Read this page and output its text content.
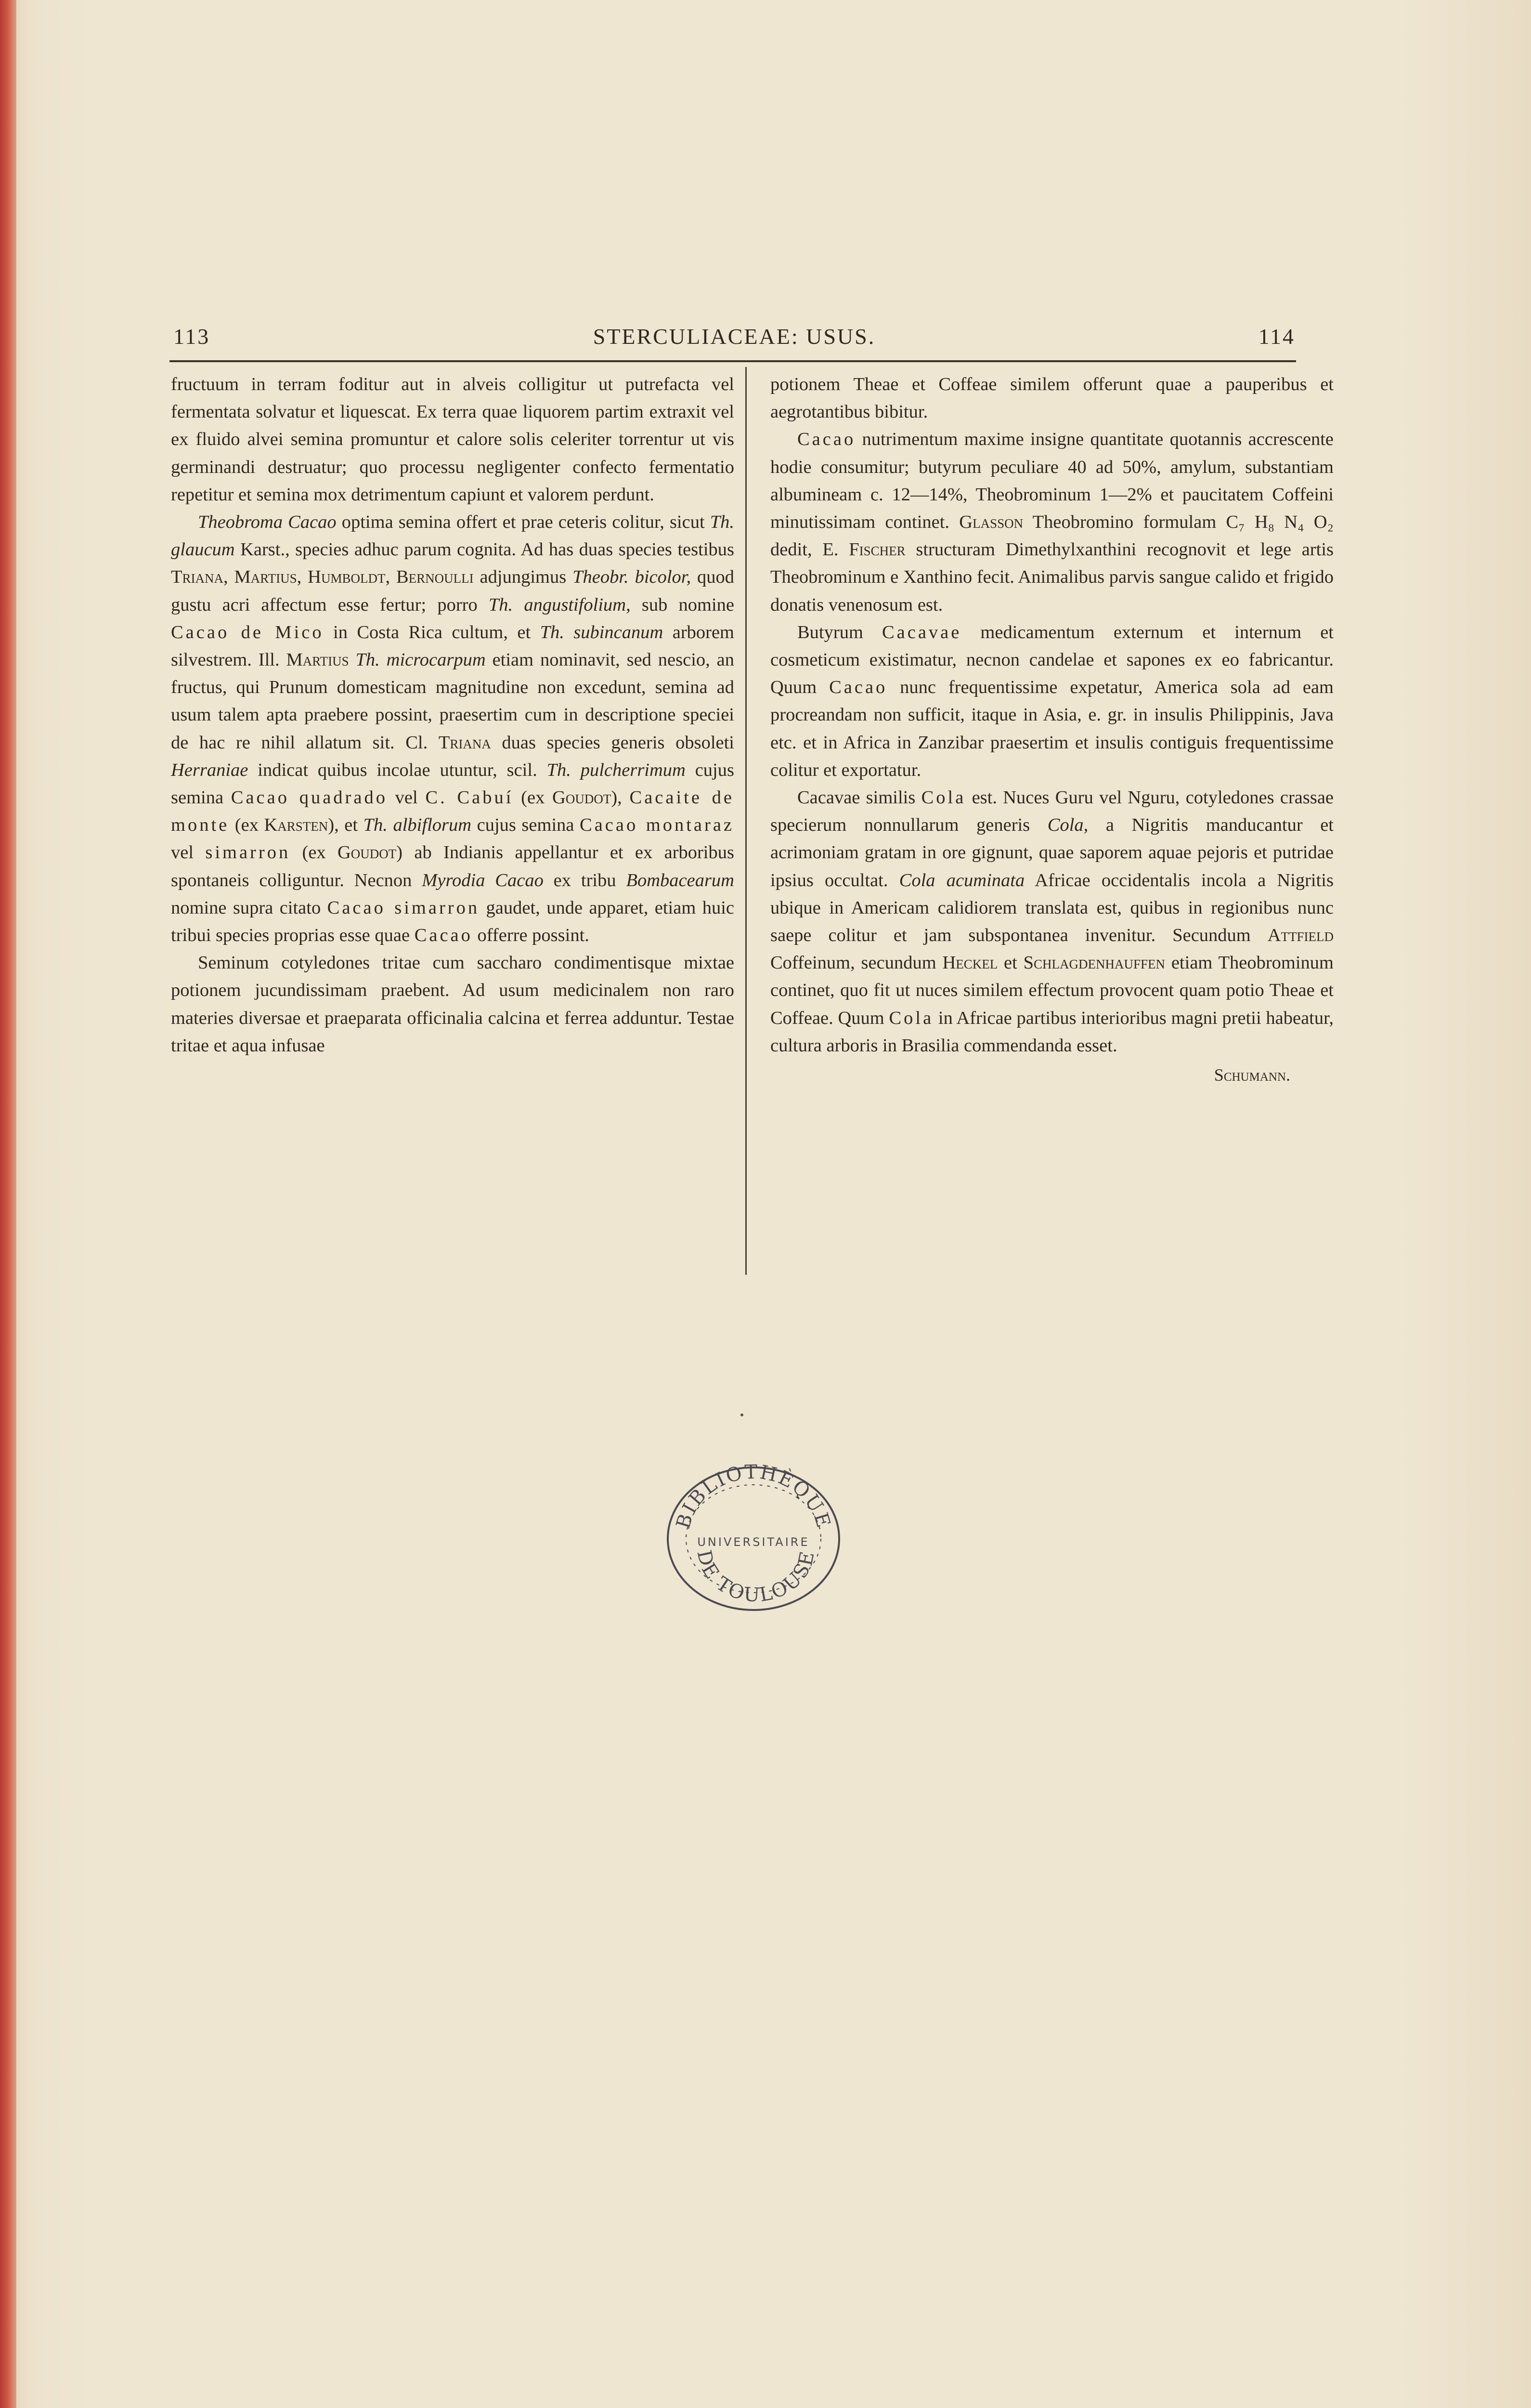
113	STERCULIACEAE: USUS.	114

fructuum in terram foditur aut in alveis colligitur ut putrefacta vel fermentata solvatur et liquescat. Ex terra quae liquorem partim extraxit vel ex fluido alvei semina promuntur et calore solis celeriter torrentur ut vis germinandi destruatur; quo processu negligenter confecto fermentatio repetitur et semina mox detrimentum capiunt et valorem perdunt.

Theobroma Cacao optima semina offert et prae ceteris colitur, sicut Th. glaucum Karst., species adhuc parum cognita. Ad has duas species testibus Triana, Martius, Humboldt, Bernoulli adjungimus Theobr. bicolor, quod gustu acri affectum esse fertur; porro Th. angustifolium, sub nomine Cacao de Mico in Costa Rica cultum, et Th. subincanum arborem silvestrem. Ill. Martius Th. microcarpum etiam nominavit, sed nescio, an fructus, qui Prunum domesticam magnitudine non excedunt, semina ad usum talem apta praebere possint, praesertim cum in descriptione speciei de hac re nihil allatum sit. Cl. Triana duas species generis obsoleti Herraniae indicat quibus incolae utuntur, scil. Th. pulcherrimum cujus semina Cacao quadrado vel C. Cabuí (ex Goudot), Cacaite de monte (ex Karsten), et Th. albiflorum cujus semina Cacao montaraz vel simarron (ex Goudot) ab Indianis appellantur et ex arboribus spontaneis colliguntur. Necnon Myrodia Cacao ex tribu Bombacearum nomine supra citato Cacao simarron gaudet, unde apparet, etiam huic tribui species proprias esse quae Cacao offerre possint.

Seminum cotyledones tritae cum saccharo condimentisque mixtae potionem jucundissimam praebent. Ad usum medicinalem non raro materies diversae et praeparata officinalia calcina et ferrea adduntur. Testae tritae et aqua infusae

potionem Theae et Coffeae similem offerunt quae a pauperibus et aegrotantibus bibitur.

Cacao nutrimentum maxime insigne quantitate quotannis accrescente hodie consumitur; butyrum peculiare 40 ad 50%, amylum, substantiam albumineam c. 12—14%, Theobrominum 1—2% et paucitatem Coffeini minutissimam continet. Glasson Theobromino formulam C₇ H₈ N₄ O₂ dedit, E. Fischer structuram Dimethylxanthini recognovit et lege artis Theobrominum e Xanthino fecit. Animalibus parvis sangue calido et frigido donatis venenosum est.

Butyrum Cacavae medicamentum externum et internum et cosmeticum existimatur, necnon candelae et sapones ex eo fabricantur. Quum Cacao nunc frequentissime expetatur, America sola ad eam procreandam non sufficit, itaque in Asia, e. gr. in insulis Philippinis, Java etc. et in Africa in Zanzibar praesertim et insulis contiguis frequentissime colitur et exportatur.

Cacavae similis Cola est. Nuces Guru vel Nguru, cotyledones crassae specierum nonnullarum generis Cola, a Nigritis manducantur et acrimoniam gratam in ore gignunt, quae saporem aquae pejoris et putridae ipsius occultat. Cola acuminata Africae occidentalis incola a Nigritis ubique in Americam calidiorem translata est, quibus in regionibus nunc saepe colitur et jam subspontanea invenitur. Secundum Attfield Coffeinum, secundum Heckel et Schlagdenhauffen etiam Theobrominum continet, quo fit ut nuces similem effectum provocent quam potio Theae et Coffeae. Quum Cola in Africae partibus interioribus magni pretii habeatur, cultura arboris in Brasilia commendanda esset.

Schumann.

BIBLIOTHÈQUE
UNIVERSITAIRE
DE TOULOUSE
